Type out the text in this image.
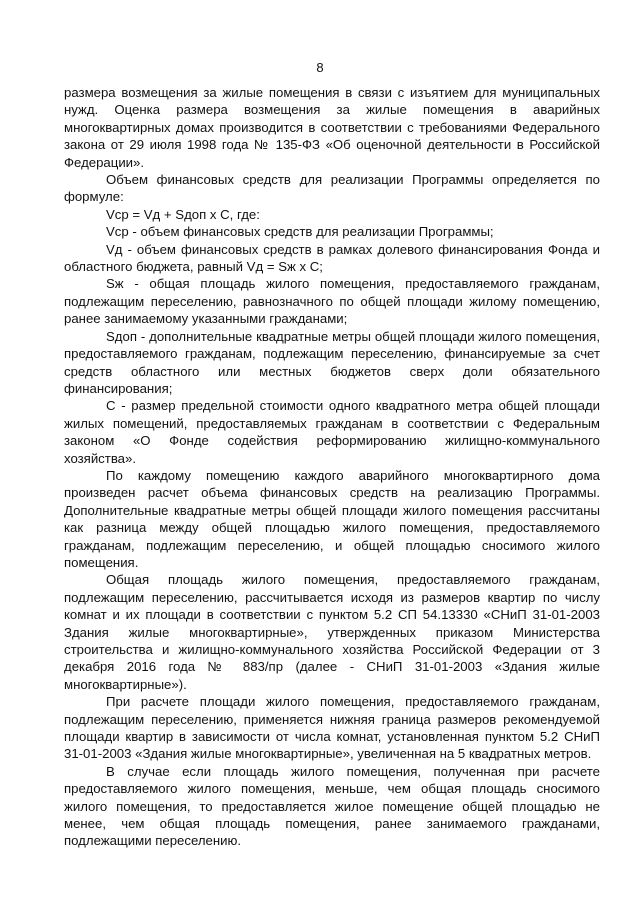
8

размера возмещения за жилые помещения в связи с изъятием для муниципальных нужд. Оценка размера возмещения за жилые помещения в аварийных многоквартирных домах производится в соответствии с требованиями Федерального закона от 29 июля 1998 года № 135-ФЗ «Об оценочной деятельности в Российской Федерации».

Объем финансовых средств для реализации Программы определяется по формуле:

Vср = Vд + Sдоп х С, где:

Vср - объем финансовых средств для реализации Программы;

Vд - объем финансовых средств в рамках долевого финансирования Фонда и областного бюджета, равный Vд = Sж х С;

Sж - общая площадь жилого помещения, предоставляемого гражданам, подлежащим переселению, равнозначного по общей площади жилому помещению, ранее занимаемому указанными гражданами;

Sдоп - дополнительные квадратные метры общей площади жилого помещения, предоставляемого гражданам, подлежащим переселению, финансируемые за счет средств областного или местных бюджетов сверх доли обязательного финансирования;

С - размер предельной стоимости одного квадратного метра общей площади жилых помещений, предоставляемых гражданам в соответствии с Федеральным законом «О Фонде содействия реформированию жилищно-коммунального хозяйства».

По каждому помещению каждого аварийного многоквартирного дома произведен расчет объема финансовых средств на реализацию Программы. Дополнительные квадратные метры общей площади жилого помещения рассчитаны как разница между общей площадью жилого помещения, предоставляемого гражданам, подлежащим переселению, и общей площадью сносимого жилого помещения.

Общая площадь жилого помещения, предоставляемого гражданам, подлежащим переселению, рассчитывается исходя из размеров квартир по числу комнат и их площади в соответствии с пунктом 5.2 СП 54.13330 «СНиП 31-01-2003 Здания жилые многоквартирные», утвержденных приказом Министерства строительства и жилищно-коммунального хозяйства Российской Федерации от 3 декабря 2016 года № 883/пр (далее - СНиП 31-01-2003 «Здания жилые многоквартирные»).

При расчете площади жилого помещения, предоставляемого гражданам, подлежащим переселению, применяется нижняя граница размеров рекомендуемой площади квартир в зависимости от числа комнат, установленная пунктом 5.2 СНиП 31-01-2003 «Здания жилые многоквартирные», увеличенная на 5 квадратных метров.

В случае если площадь жилого помещения, полученная при расчете предоставляемого жилого помещения, меньше, чем общая площадь сносимого жилого помещения, то предоставляется жилое помещение общей площадью не менее, чем общая площадь помещения, ранее занимаемого гражданами, подлежащими переселению.
